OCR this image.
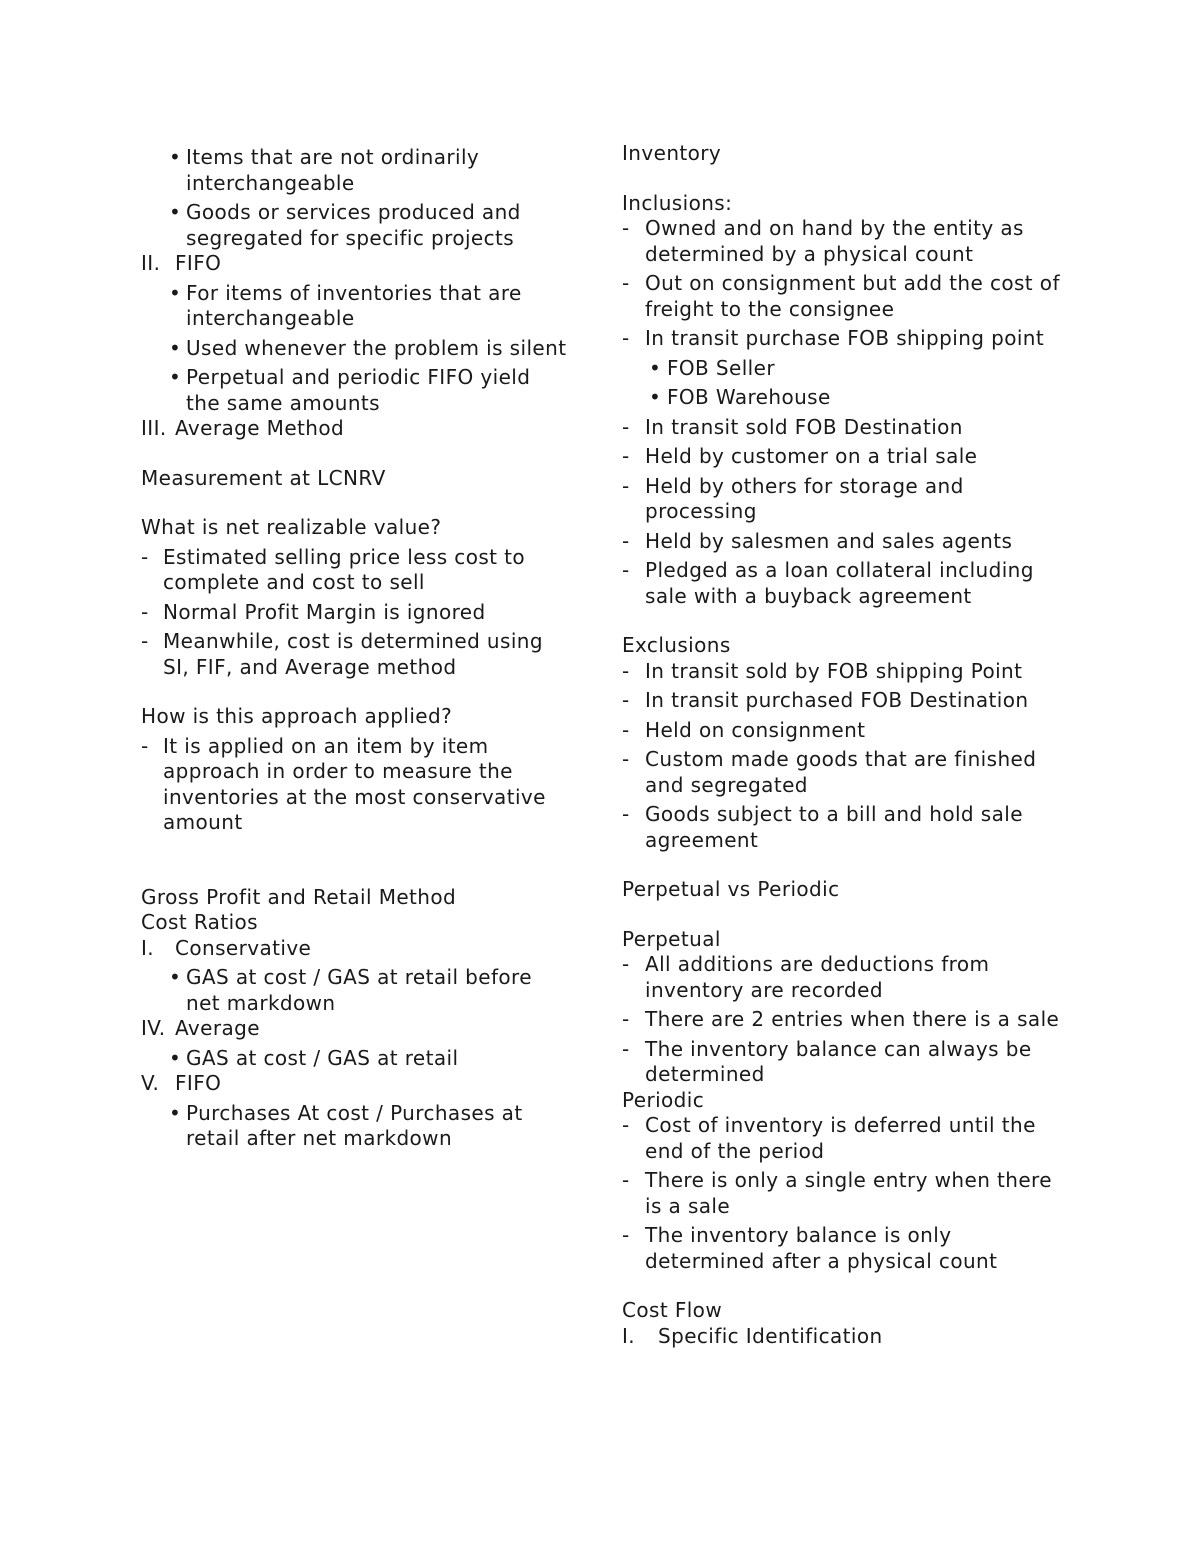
• Items that are not ordinarily interchangeable
• Goods or services produced and segregated for specific projects
II. FIFO
• For items of inventories that are interchangeable
• Used whenever the problem is silent
• Perpetual and periodic FIFO yield the same amounts
III. Average Method

Measurement at LCNRV

What is net realizable value?

- Estimated selling price less cost to complete and cost to sell
- Normal Profit Margin is ignored
- Meanwhile, cost is determined using SI, FIF, and Average method

How is this approach applied?

- It is applied on an item by item approach in order to measure the inventories at the most conservative amount

Gross Profit and Retail Method

Cost Ratios

I. Conservative
• GAS at cost / GAS at retail before net markdown
IV. Average
• GAS at cost / GAS at retail
V. FIFO
• Purchases At cost / Purchases at retail after net markdown

Inventory

Inclusions:

- Owned and on hand by the entity as determined by a physical count
- Out on consignment but add the cost of freight to the consignee
- In transit purchase FOB shipping point
• FOB Seller
• FOB Warehouse
- In transit sold FOB Destination
- Held by customer on a trial sale
- Held by others for storage and processing
- Held by salesmen and sales agents
- Pledged as a loan collateral including sale with a buyback agreement

Exclusions

- In transit sold by FOB shipping Point
- In transit purchased FOB Destination
- Held on consignment
- Custom made goods that are finished and segregated
- Goods subject to a bill and hold sale agreement

Perpetual vs Periodic

Perpetual

- All additions are deductions from inventory are recorded
- There are 2 entries when there is a sale
- The inventory balance can always be determined

Periodic

- Cost of inventory is deferred until the end of the period
- There is only a single entry when there is a sale
- The inventory balance is only determined after a physical count

Cost Flow

I. Specific Identification
